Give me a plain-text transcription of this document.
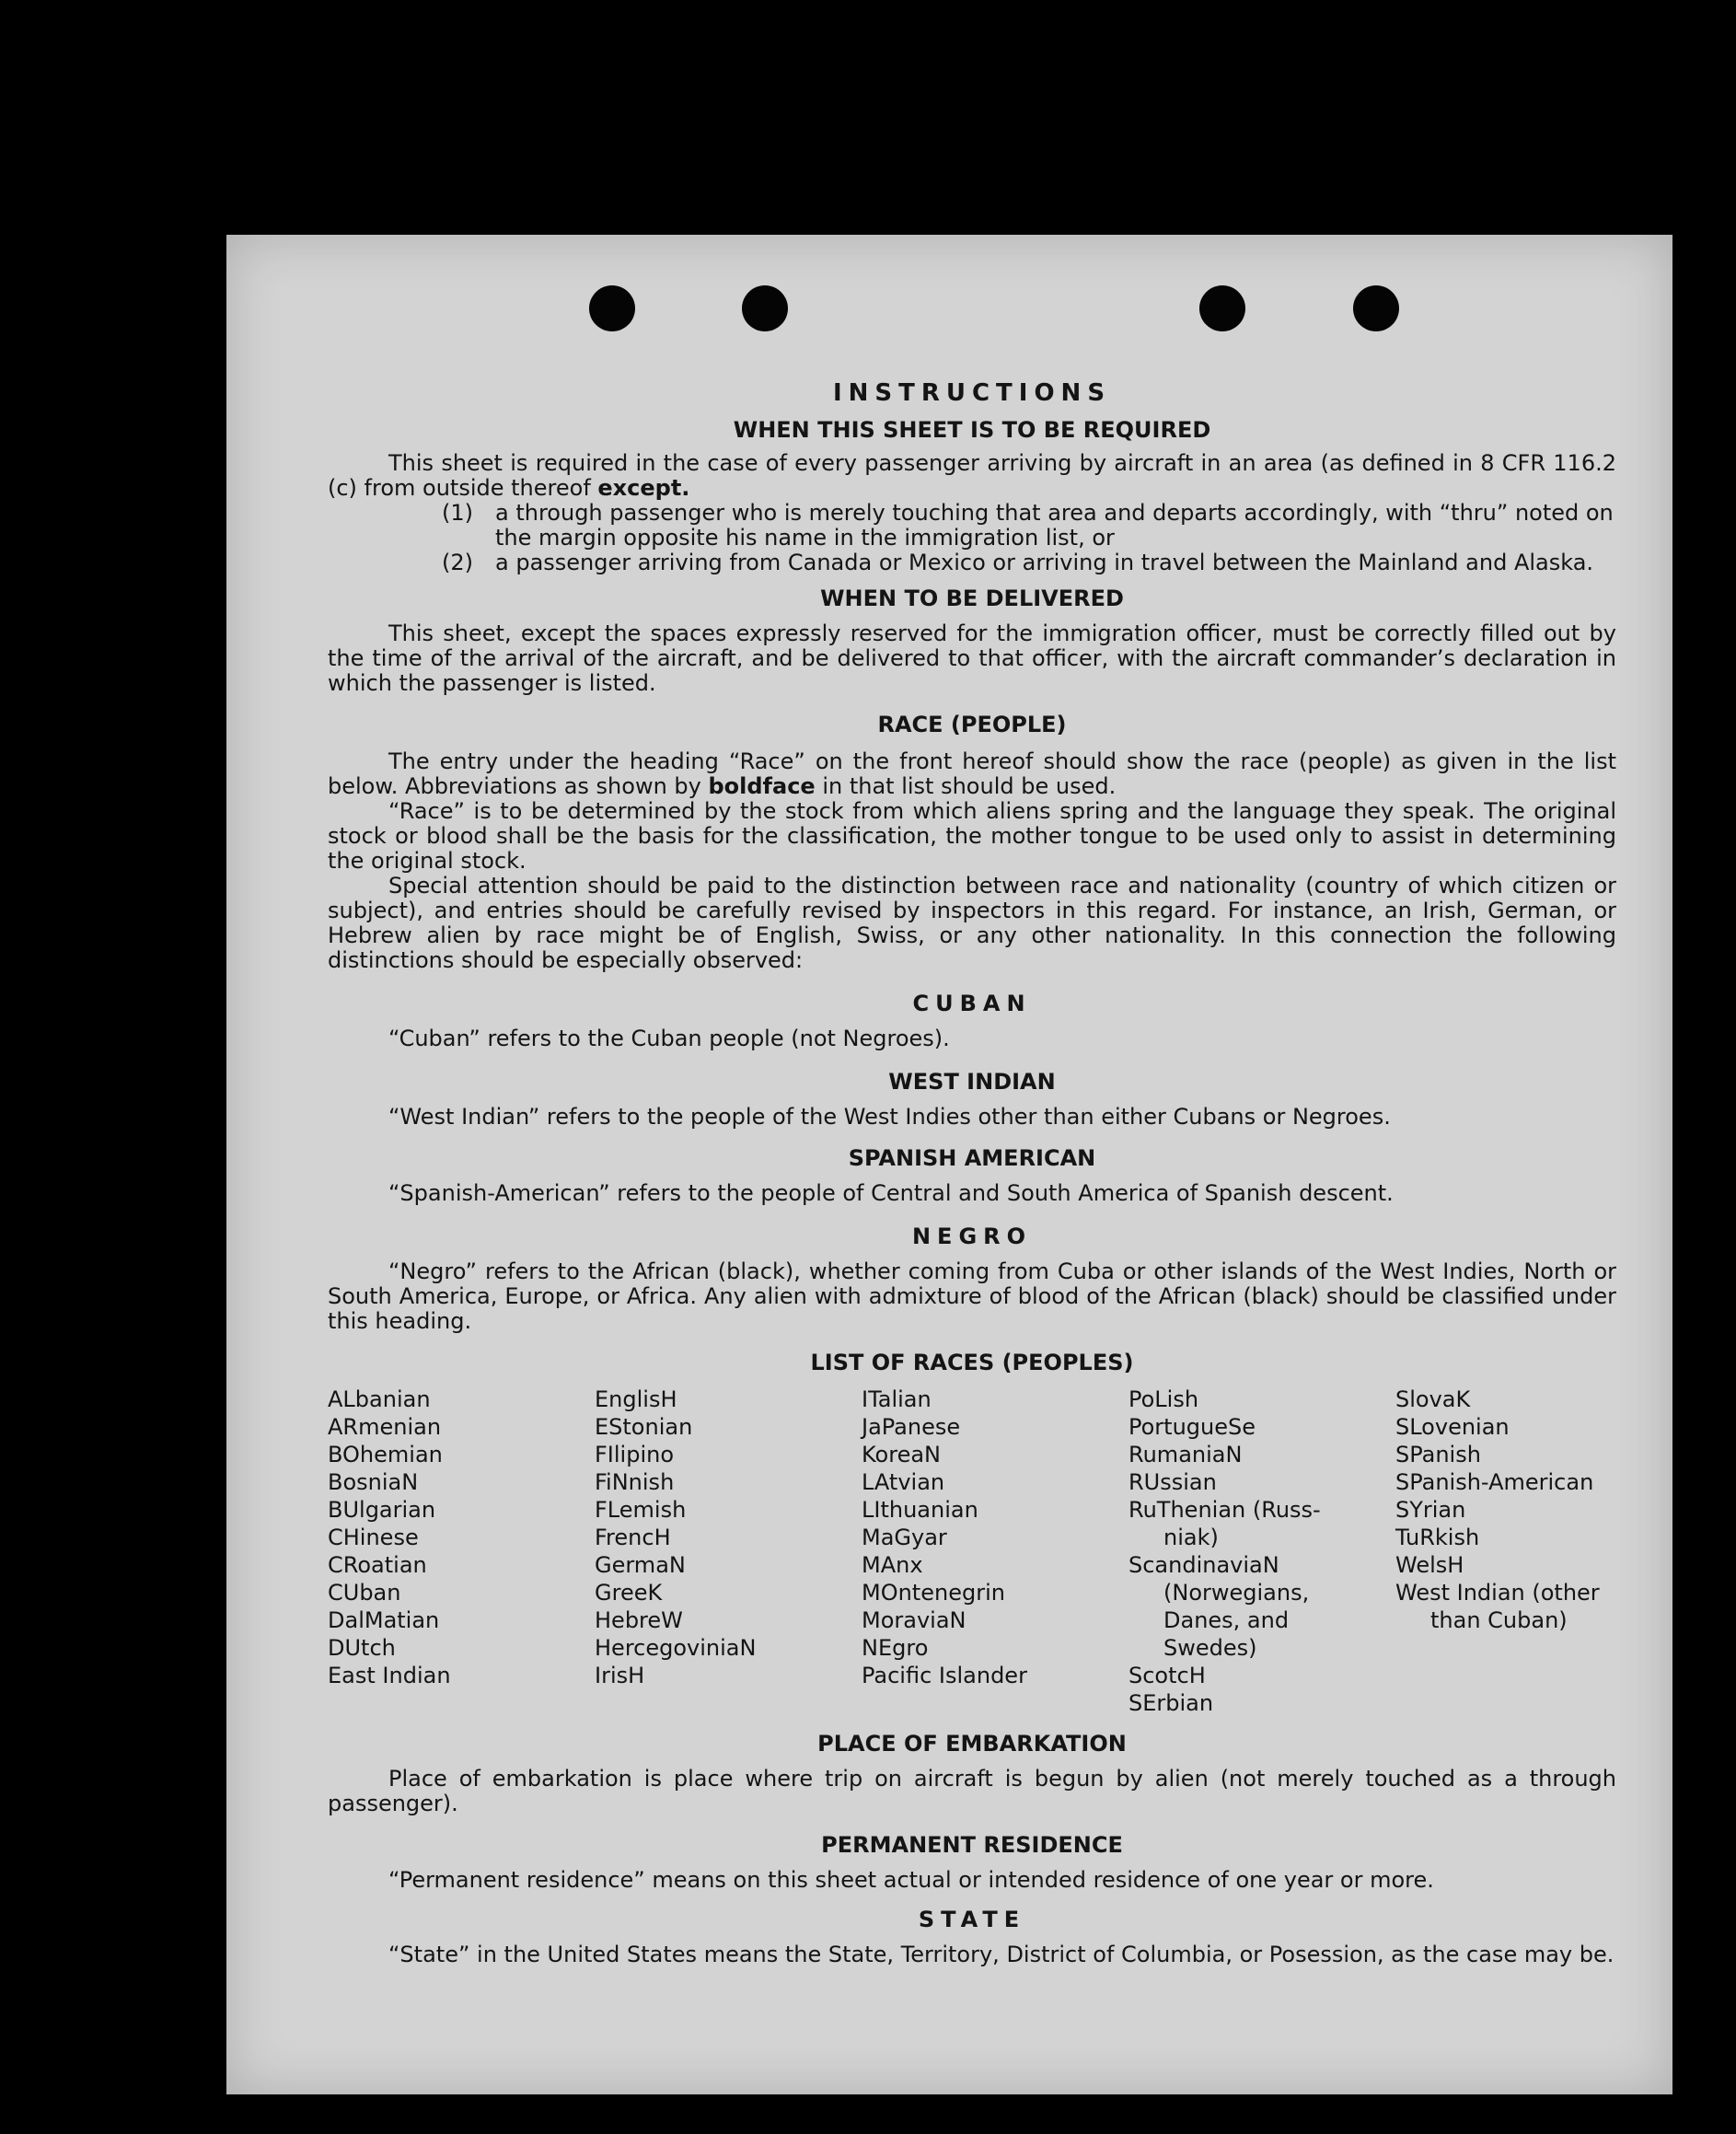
INSTRUCTIONS
WHEN THIS SHEET IS TO BE REQUIRED

This sheet is required in the case of every passenger arriving by aircraft in an area (as defined in 8 CFR 116.2 (c) from outside thereof except.

(1)	a through passenger who is merely touching that area and departs accordingly, with “thru” noted on the margin opposite his name in the immigration list, or
(2)	a passenger arriving from Canada or Mexico or arriving in travel between the Mainland and Alaska.
WHEN TO BE DELIVERED

This sheet, except the spaces expressly reserved for the immigration officer, must be correctly filled out by the time of the arrival of the aircraft, and be delivered to that officer, with the aircraft commander’s declaration in which the passenger is listed.

RACE (PEOPLE)

The entry under the heading “Race” on the front hereof should show the race (people) as given in the list below. Abbreviations as shown by boldface in that list should be used.

“Race” is to be determined by the stock from which aliens spring and the language they speak. The original stock or blood shall be the basis for the classification, the mother tongue to be used only to assist in determining the original stock.

Special attention should be paid to the distinction between race and nationality (country of which citizen or subject), and entries should be carefully revised by inspectors in this regard. For instance, an Irish, German, or Hebrew alien by race might be of English, Swiss, or any other nationality. In this connection the following distinctions should be especially observed:

CUBAN

“Cuban” refers to the Cuban people (not Negroes).

WEST INDIAN

“West Indian” refers to the people of the West Indies other than either Cubans or Negroes.

SPANISH AMERICAN

“Spanish-American” refers to the people of Central and South America of Spanish descent.

NEGRO

“Negro” refers to the African (black), whether coming from Cuba or other islands of the West Indies, North or South America, Europe, or Africa. Any alien with admixture of blood of the African (black) should be classified under this heading.

LIST OF RACES (PEOPLES)
ALbanian
ARmenian
BOhemian
BosniaN
BUlgarian
CHinese
CRoatian
CUban
DalMatian
DUtch
East Indian
EnglisH
EStonian
FIlipino
FiNnish
FLemish
FrencH
GermaN
GreeK
HebreW
HercegoviniaN
IrisH
ITalian
JaPanese
KoreaN
LAtvian
LIthuanian
MaGyar
MAnx
MOntenegrin
MoraviaN
NEgro
Pacific Islander
PoLish
PortugueSe
RumaniaN
RUssian
RuThenian (Russ-
niak)
ScandinaviaN
(Norwegians,
Danes, and
Swedes)
ScotcH
SErbian
SlovaK
SLovenian
SPanish
SPanish-American
SYrian
TuRkish
WelsH
West Indian (other
than Cuban)
PLACE OF EMBARKATION

Place of embarkation is place where trip on aircraft is begun by alien (not merely touched as a through passenger).

PERMANENT RESIDENCE

“Permanent residence” means on this sheet actual or intended residence of one year or more.

STATE

“State” in the United States means the State, Territory, District of Columbia, or Posession, as the case may be.
